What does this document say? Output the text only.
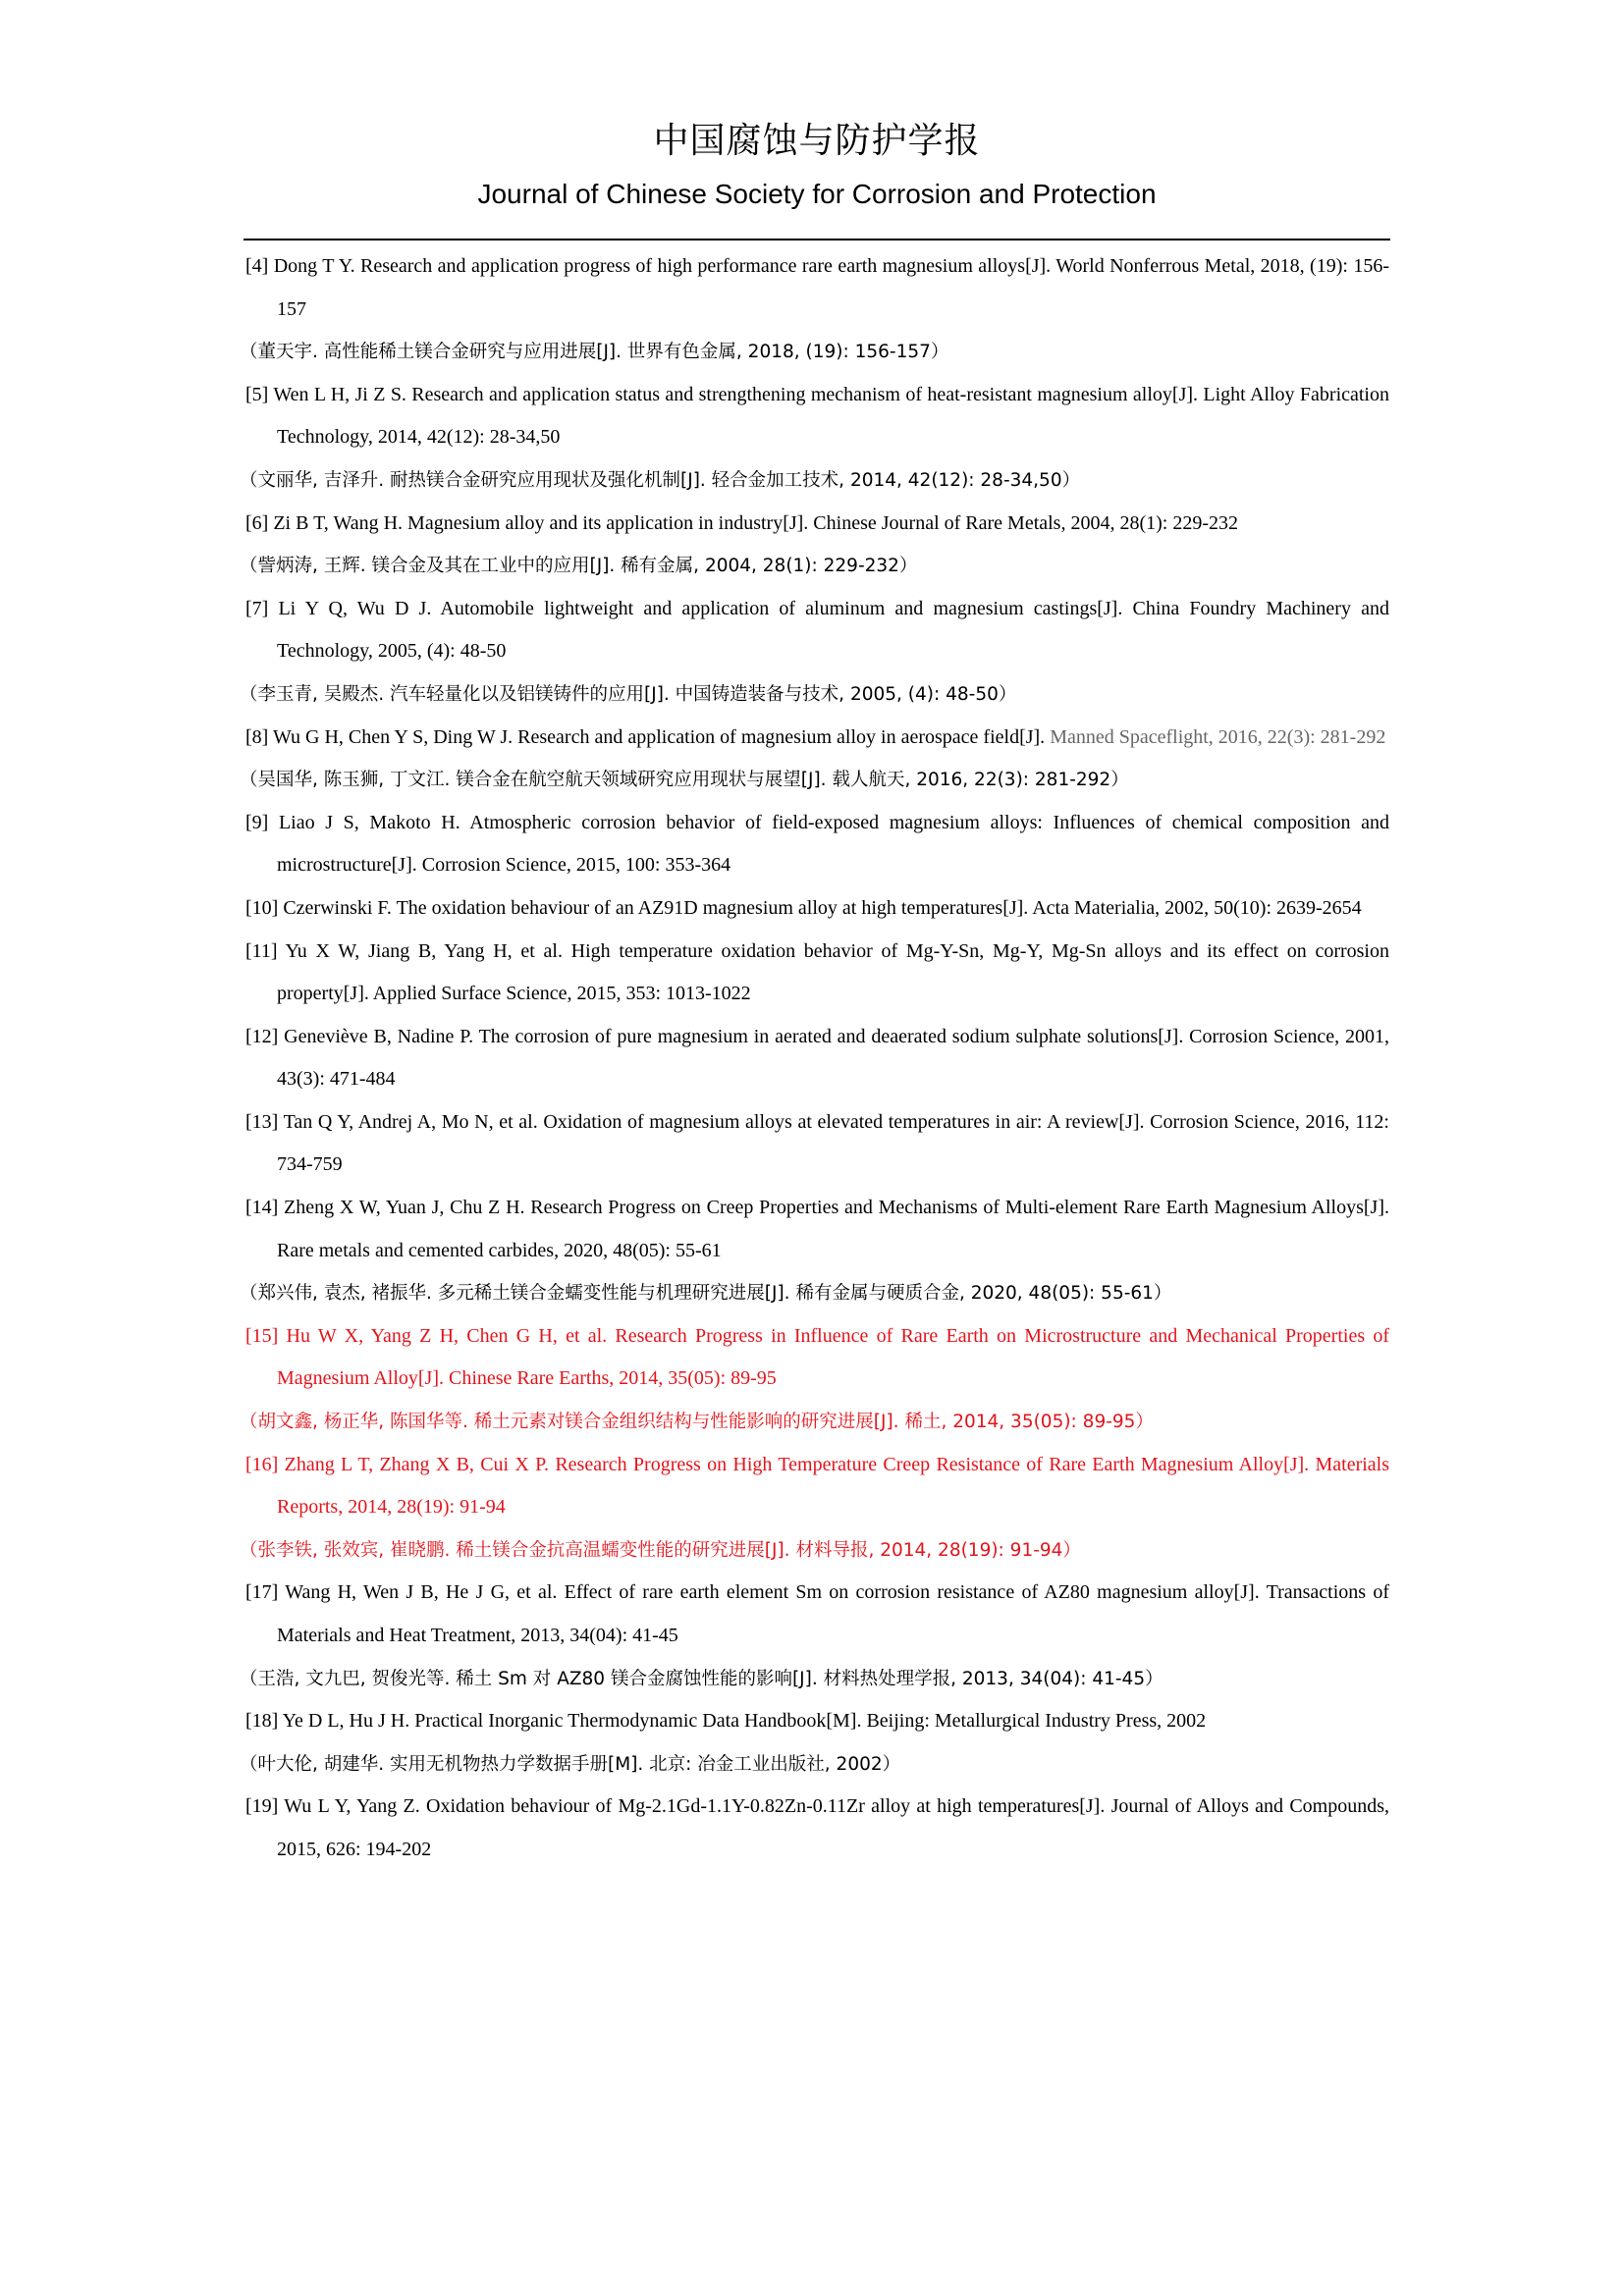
中国腐蚀与防护学报
Journal of Chinese Society for Corrosion and Protection
[4] Dong T Y. Research and application progress of high performance rare earth magnesium alloys[J]. World Nonferrous Metal, 2018, (19): 156-157
（董天宇. 高性能稀土镁合金研究与应用进展[J]. 世界有色金属, 2018, (19): 156-157）
[5] Wen L H, Ji Z S. Research and application status and strengthening mechanism of heat-resistant magnesium alloy[J]. Light Alloy Fabrication Technology, 2014, 42(12): 28-34,50
（文丽华, 吉泽升. 耐热镁合金研究应用现状及强化机制[J]. 轻合金加工技术, 2014, 42(12): 28-34,50）
[6] Zi B T, Wang H. Magnesium alloy and its application in industry[J]. Chinese Journal of Rare Metals, 2004, 28(1): 229-232
（訾炳涛, 王辉. 镁合金及其在工业中的应用[J]. 稀有金属, 2004, 28(1): 229-232）
[7] Li Y Q, Wu D J. Automobile lightweight and application of aluminum and magnesium castings[J]. China Foundry Machinery and Technology, 2005, (4): 48-50
（李玉青, 吴殿杰. 汽车轻量化以及铝镁铸件的应用[J]. 中国铸造装备与技术, 2005, (4): 48-50）
[8] Wu G H, Chen Y S, Ding W J. Research and application of magnesium alloy in aerospace field[J]. Manned Spaceflight, 2016, 22(3): 281-292
（吴国华, 陈玉狮, 丁文江. 镁合金在航空航天领域研究应用现状与展望[J]. 载人航天, 2016, 22(3): 281-292）
[9] Liao J S, Makoto H. Atmospheric corrosion behavior of field-exposed magnesium alloys: Influences of chemical composition and microstructure[J]. Corrosion Science, 2015, 100: 353-364
[10] Czerwinski F. The oxidation behaviour of an AZ91D magnesium alloy at high temperatures[J]. Acta Materialia, 2002, 50(10): 2639-2654
[11] Yu X W, Jiang B, Yang H, et al. High temperature oxidation behavior of Mg-Y-Sn, Mg-Y, Mg-Sn alloys and its effect on corrosion property[J]. Applied Surface Science, 2015, 353: 1013-1022
[12] Geneviève B, Nadine P. The corrosion of pure magnesium in aerated and deaerated sodium sulphate solutions[J]. Corrosion Science, 2001, 43(3): 471-484
[13] Tan Q Y, Andrej A, Mo N, et al. Oxidation of magnesium alloys at elevated temperatures in air: A review[J]. Corrosion Science, 2016, 112: 734-759
[14] Zheng X W, Yuan J, Chu Z H. Research Progress on Creep Properties and Mechanisms of Multi-element Rare Earth Magnesium Alloys[J]. Rare metals and cemented carbides, 2020, 48(05): 55-61
（郑兴伟, 袁杰, 褚振华. 多元稀土镁合金蠕变性能与机理研究进展[J]. 稀有金属与硬质合金, 2020, 48(05): 55-61）
[15] Hu W X, Yang Z H, Chen G H, et al. Research Progress in Influence of Rare Earth on Microstructure and Mechanical Properties of Magnesium Alloy[J]. Chinese Rare Earths, 2014, 35(05): 89-95
（胡文鑫, 杨正华, 陈国华等. 稀土元素对镁合金组织结构与性能影响的研究进展[J]. 稀土, 2014, 35(05): 89-95）
[16] Zhang L T, Zhang X B, Cui X P. Research Progress on High Temperature Creep Resistance of Rare Earth Magnesium Alloy[J]. Materials Reports, 2014, 28(19): 91-94
（张李铁, 张效宾, 崔晓鹏. 稀土镁合金抗高温蠕变性能的研究进展[J]. 材料导报, 2014, 28(19): 91-94）
[17] Wang H, Wen J B, He J G, et al. Effect of rare earth element Sm on corrosion resistance of AZ80 magnesium alloy[J]. Transactions of Materials and Heat Treatment, 2013, 34(04): 41-45
（王浩, 文九巴, 贺俊光等. 稀土 Sm 对 AZ80 镁合金腐蚀性能的影响[J]. 材料热处理学报, 2013, 34(04): 41-45）
[18] Ye D L, Hu J H. Practical Inorganic Thermodynamic Data Handbook[M]. Beijing: Metallurgical Industry Press, 2002
（叶大伦, 胡建华. 实用无机物热力学数据手册[M]. 北京: 冶金工业出版社, 2002）
[19] Wu L Y, Yang Z. Oxidation behaviour of Mg-2.1Gd-1.1Y-0.82Zn-0.11Zr alloy at high temperatures[J]. Journal of Alloys and Compounds, 2015, 626: 194-202
